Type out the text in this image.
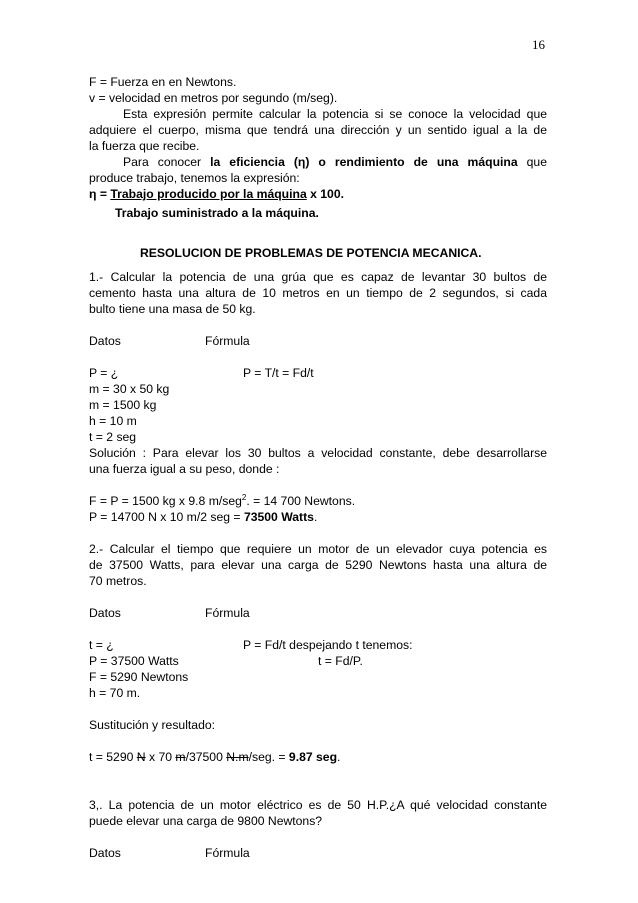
16
F = Fuerza en en Newtons.
v = velocidad en metros por segundo (m/seg).
Esta expresión permite calcular la potencia si se conoce la velocidad que
adquiere el cuerpo, misma que tendrá una dirección y un sentido igual a la de
la fuerza que recibe.
Para conocer la eficiencia (η) o rendimiento de una máquina que
produce trabajo, tenemos la expresión:
η = Trabajo producido por la máquina x 100.
Trabajo suministrado a la máquina.
RESOLUCION DE PROBLEMAS DE POTENCIA MECANICA.
1.- Calcular la potencia de una grúa que es capaz de levantar 30 bultos de
cemento hasta una altura de 10 metros en un tiempo de 2 segundos, si cada
bulto tiene una masa de 50 kg.
Datos	Fórmula
P = ¿	P = T/t = Fd/t
m = 30 x 50 kg
m = 1500 kg
h = 10 m
t = 2 seg
Solución : Para elevar los 30 bultos a velocidad constante, debe desarrollarse
una fuerza igual a su peso, donde :
F = P = 1500 kg x 9.8 m/seg$^2$. = 14 700 Newtons.
P = 14700 N x 10 m/2 seg = 73500 Watts.
2.- Calcular el tiempo que requiere un motor de un elevador cuya potencia es
de 37500 Watts, para elevar una carga de 5290 Newtons hasta una altura de
70 metros.
Datos	Fórmula
t = ¿	P = Fd/t despejando t tenemos:
P = 37500 Watts	t = Fd/P.
F = 5290 Newtons
h = 70 m.
Sustitución y resultado:
t = 5290 N x 70 m/37500 N.m/seg. = 9.87 seg.
3,. La potencia de un motor eléctrico es de 50 H.P.¿A qué velocidad constante
puede elevar una carga de 9800 Newtons?
Datos	Fórmula
